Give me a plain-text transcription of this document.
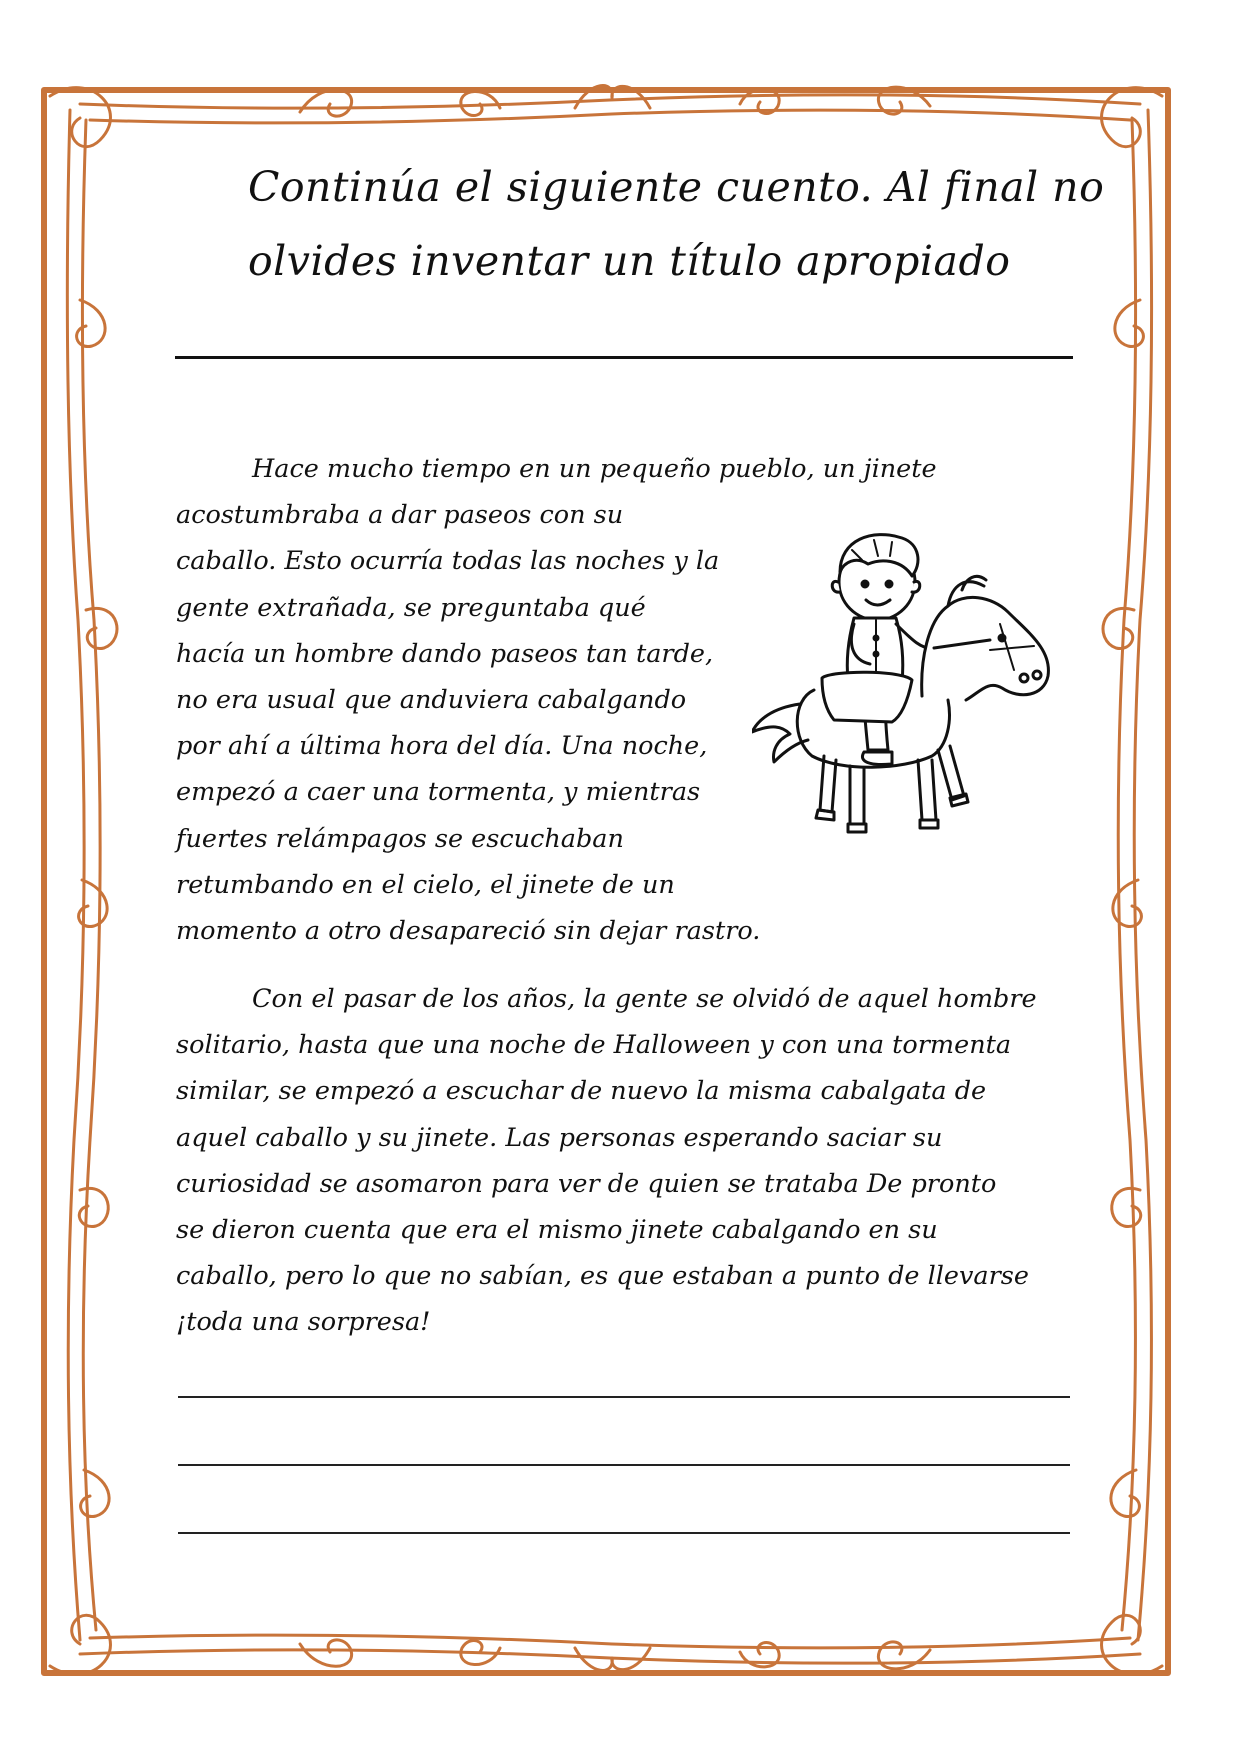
Continúa el siguiente cuento. Al final no
olvides inventar un título apropiado
Hace mucho tiempo en un pequeño pueblo, un jinete
acostumbraba a dar paseos con su
caballo. Esto ocurría todas las noches y la
gente extrañada, se preguntaba qué
hacía un hombre dando paseos tan tarde,
no era usual que anduviera cabalgando
por ahí a última hora del día. Una noche,
empezó a caer una tormenta, y mientras
fuertes relámpagos se escuchaban
retumbando en el cielo, el jinete de un
momento a otro desapareció sin dejar rastro.
Con el pasar de los años, la gente se olvidó de aquel hombre
solitario, hasta que una noche de Halloween y con una tormenta
similar, se empezó a escuchar de nuevo la misma cabalgata de
aquel caballo y su jinete. Las personas esperando saciar su
curiosidad se asomaron para ver de quien se trataba De pronto
se dieron cuenta que era el mismo jinete cabalgando en su
caballo, pero lo que no sabían, es que estaban a punto de llevarse
¡toda una sorpresa!
